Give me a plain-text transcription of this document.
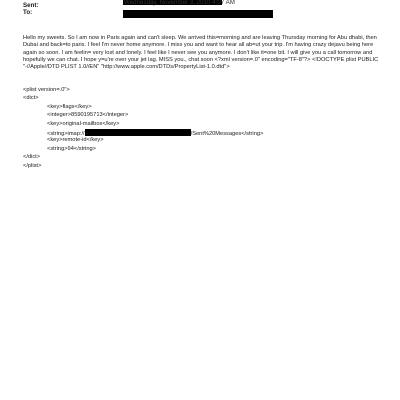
Sent:	Wednesday, November 3, 2010 4:07 AM
To:

Hello my sweets. So I am now in Paris again and can't sleep. We arrived this=morning and are leaving Thursday morning for Abu dhabi, then Dubai and back=to paris. I feel I'm never home anymore. I miss you and want to hear all ab=ut your trip. I'm having crazy dejavu being here again so soon. I am feelin= very lost and lonely. I feel like I never see you anymore. I don't like it=one bit. I will give you a call tomorrow and hopefully we can chat. I hope y=u're over your jet lag. MISS you., chat soon <?xml version=.0" encoding="TF-8"?> <!DOCTYPE plist PUBLIC "-//Apple//DTD PLIST 1.0//EN" "http://www.apple.com/DTDs/PropertyList-1.0.dtd">

<plist version=.0">
<dict>
<key>flags</key>
<integer>8590195713</integer>
<key>original-mailbox</key>
<string>imap://	/Sent%20Messages</string>
<key>remote-id</key>
<string>94</string>
</dict>
</plist>
